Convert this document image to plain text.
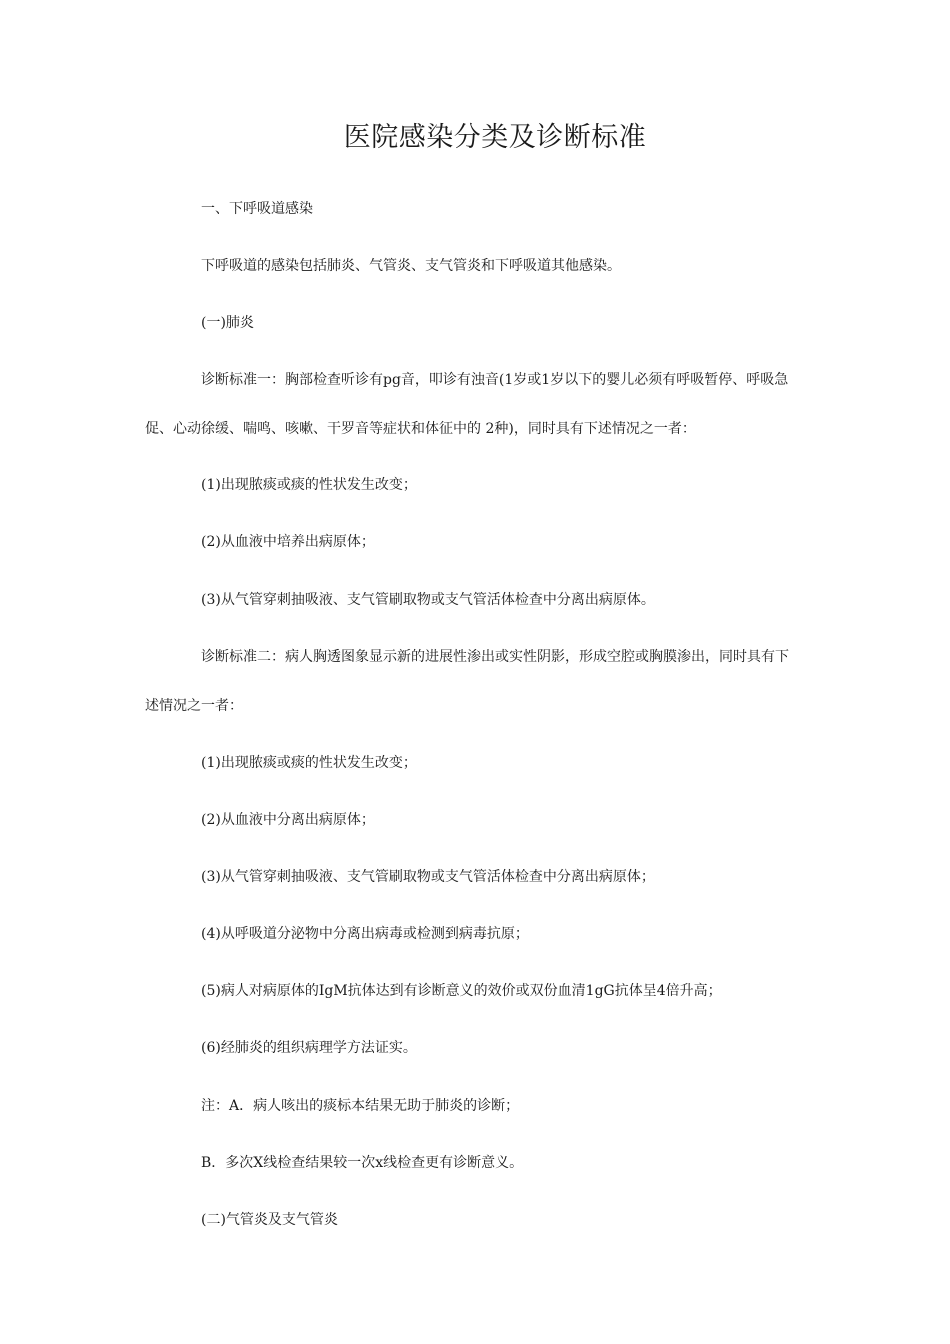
医院感染分类及诊断标准
一、下呼吸道感染
下呼吸道的感染包括肺炎、气管炎、支气管炎和下呼吸道其他感染。
(一)肺炎
诊断标准一：胸部检查听诊有pg音，叩诊有浊音(1岁或1岁以下的婴儿必须有呼吸暂停、呼吸急
促、心动徐缓、喘鸣、咳嗽、干罗音等症状和体征中的 2种)，同时具有下述情况之一者：
(1)出现脓痰或痰的性状发生改变；
(2)从血液中培养出病原体；
(3)从气管穿刺抽吸液、支气管刷取物或支气管活体检查中分离出病原体。
诊断标准二：病人胸透图象显示新的进展性渗出或实性阴影，形成空腔或胸膜渗出，同时具有下
述情况之一者：
(1)出现脓痰或痰的性状发生改变；
(2)从血液中分离出病原体；
(3)从气管穿刺抽吸液、支气管刷取物或支气管活体检查中分离出病原体；
(4)从呼吸道分泌物中分离出病毒或检测到病毒抗原；
(5)病人对病原体的IgM抗体达到有诊断意义的效价或双份血清1gG抗体呈4倍升高；
(6)经肺炎的组织病理学方法证实。
注：A．病人咳出的痰标本结果无助于肺炎的诊断；
B．多次X线检查结果较一次x线检查更有诊断意义。
(二)气管炎及支气管炎
